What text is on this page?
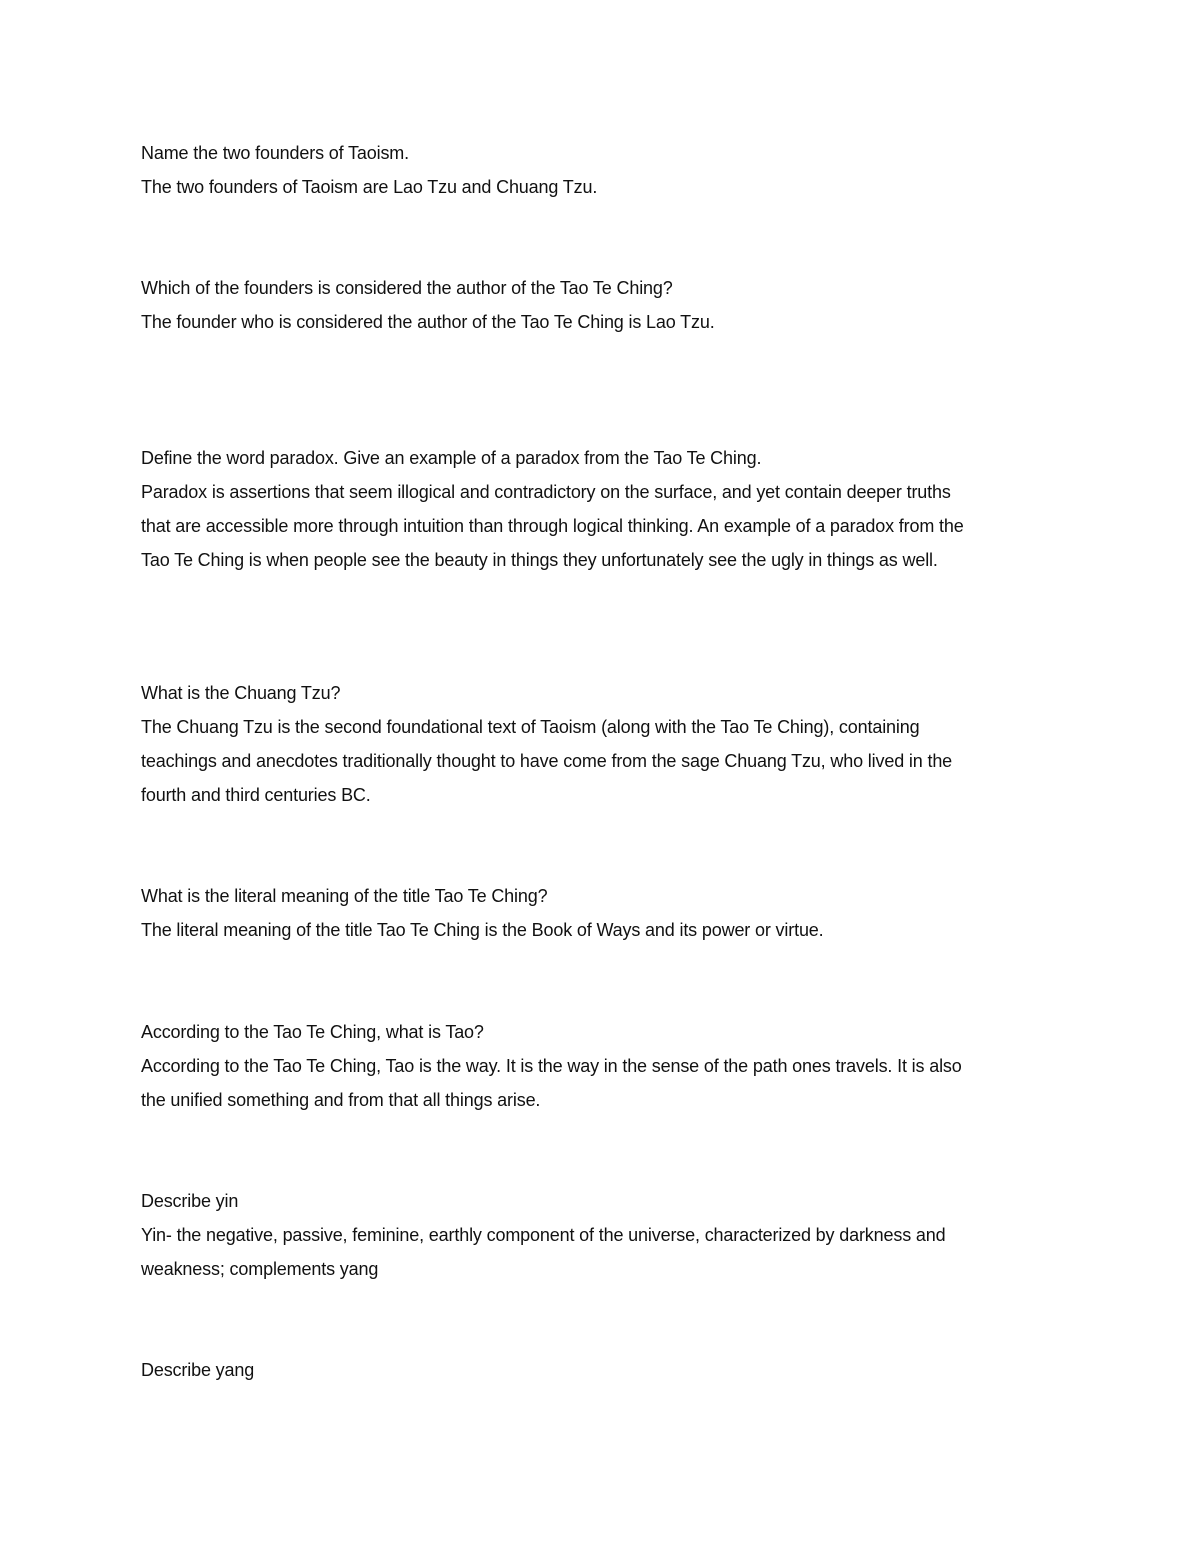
Name the two founders of Taoism.
The two founders of Taoism are Lao Tzu and Chuang Tzu.
Which of the founders is considered the author of the Tao Te Ching?
The founder who is considered the author of the Tao Te Ching is Lao Tzu.
Define the word paradox. Give an example of a paradox from the Tao Te Ching.
Paradox is assertions that seem illogical and contradictory on the surface, and yet contain deeper truths
that are accessible more through intuition than through logical thinking. An example of a paradox from the
Tao Te Ching is when people see the beauty in things they unfortunately see the ugly in things as well.
What is the Chuang Tzu?
The Chuang Tzu is the second foundational text of Taoism (along with the Tao Te Ching), containing
teachings and anecdotes traditionally thought to have come from the sage Chuang Tzu, who lived in the
fourth and third centuries BC.
What is the literal meaning of the title Tao Te Ching?
The literal meaning of the title Tao Te Ching is the Book of Ways and its power or virtue.
According to the Tao Te Ching, what is Tao?
According to the Tao Te Ching, Tao is the way. It is the way in the sense of the path ones travels. It is also
the unified something and from that all things arise.
Describe yin
Yin- the negative, passive, feminine, earthly component of the universe, characterized by darkness and
weakness; complements yang
Describe yang
